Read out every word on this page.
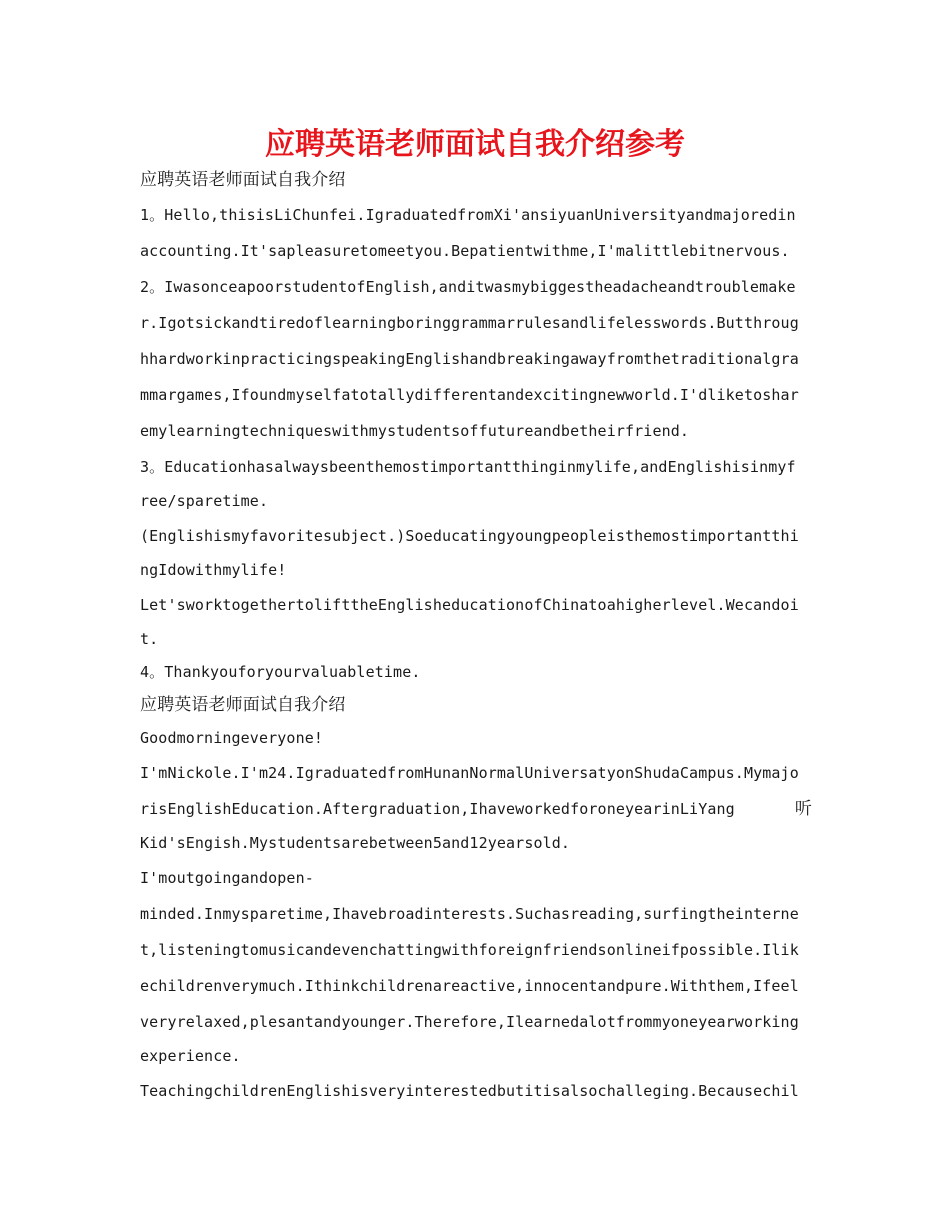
应聘英语老师面试自我介绍参考
应聘英语老师面试自我介绍
1。Hello,thisisLiChunfei.IgraduatedfromXi'ansiyuanUniversityandmajoredin
accounting.It'sapleasuretomeetyou.Bepatientwithme,I'malittlebitnervous.
2。IwasonceapoorstudentofEnglish,anditwasmybiggestheadacheandtroublemake
r.Igotsickandtiredoflearningboringgrammarrulesandlifelesswords.Butthroug
hhardworkinpracticingspeakingEnglishandbreakingawayfromthetraditionalgra
mmargames,Ifoundmyselfatotallydifferentandexcitingnewworld.I'dliketoshar
emylearningtechniqueswithmystudentsoffutureandbetheirfriend.
3。Educationhasalwaysbeenthemostimportantthinginmylife,andEnglishisinmyf
ree/sparetime.
(Englishismyfavoritesubject.)Soeducatingyoungpeopleisthemostimportantthi
ngIdowithmylife!
Let'sworktogethertolifttheEnglisheducationofChinatoahigherlevel.Wecandoi
t.
4。Thankyouforyourvaluabletime.
应聘英语老师面试自我介绍
Goodmorningeveryone!
I'mNickole.I'm24.IgraduatedfromHunanNormalUniversatyonShudaCampus.Mymajo
risEnglishEducation.Aftergraduation,IhaveworkedforoneyearinLiYang	听
Kid'sEngish.Mystudentsarebetween5and12yearsold.
I'moutgoingandopen-
minded.Inmysparetime,Ihavebroadinterests.Suchasreading,surfingtheinterne
t,listeningtomusicandevenchattingwithforeignfriendsonlineifpossible.Ilik
echildrenverymuch.Ithinkchildrenareactive,innocentandpure.Withthem,Ifeel
veryrelaxed,plesantandyounger.Therefore,Ilearnedalotfrommyoneyearworking
experience.
TeachingchildrenEnglishisveryinterestedbutitisalsochalleging.Becausechil
